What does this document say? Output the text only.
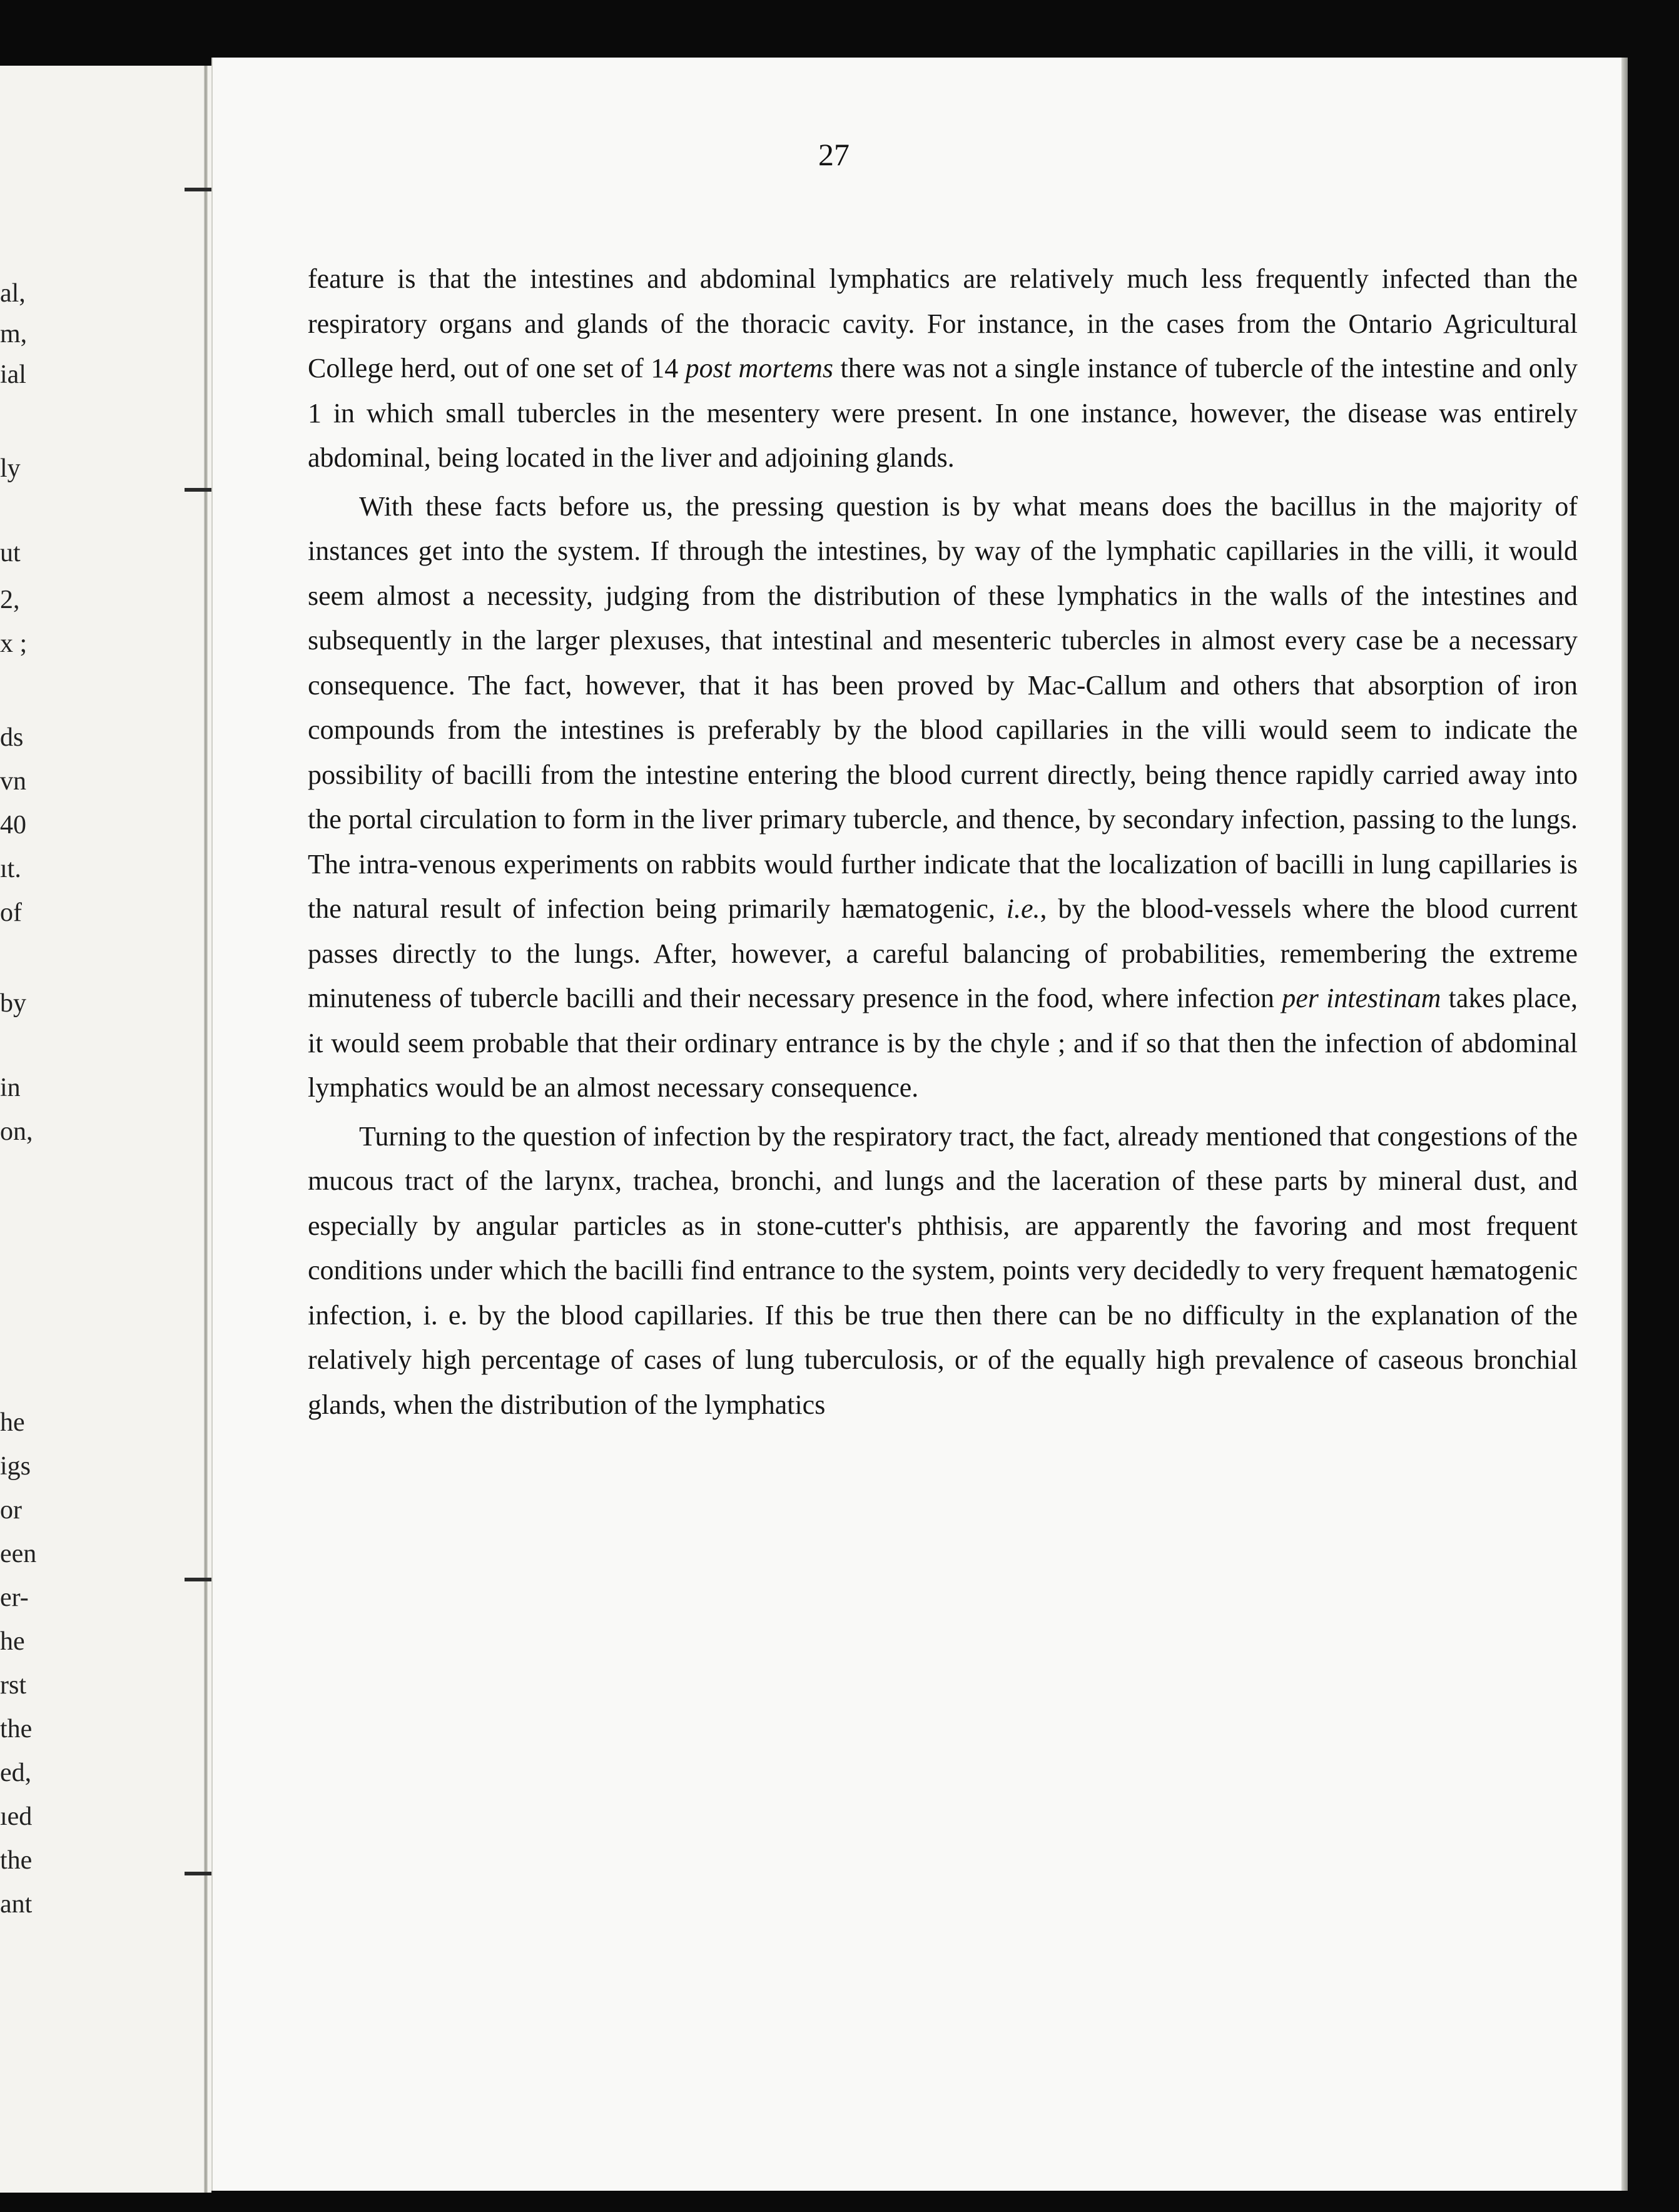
al,
m,
ial
ly
ut
2,
x ;
ds
vn
40
ıt.
of
by
in
on,
he
igs
or
een
er-
he
rst
the
ed,
ıed
the
ant
27

feature is that the intestines and abdominal lymphatics are relatively much less frequently infected than the respiratory organs and glands of the thoracic cavity. For instance, in the cases from the Ontario Agricultural College herd, out of one set of 14 post mortems there was not a single instance of tubercle of the intestine and only 1 in which small tubercles in the mesentery were present. In one instance, however, the disease was entirely abdominal, being located in the liver and adjoining glands.

With these facts before us, the pressing question is by what means does the bacillus in the majority of instances get into the system. If through the intestines, by way of the lymphatic capillaries in the villi, it would seem almost a necessity, judging from the distribution of these lymphatics in the walls of the intestines and subsequently in the larger plexuses, that intestinal and mesenteric tubercles in almost every case be a necessary consequence. The fact, however, that it has been proved by Mac-Callum and others that absorption of iron compounds from the intestines is preferably by the blood capillaries in the villi would seem to indicate the possibility of bacilli from the intestine entering the blood current directly, being thence rapidly carried away into the portal circulation to form in the liver primary tubercle, and thence, by secondary infection, passing to the lungs. The intra-venous experiments on rabbits would further indicate that the localization of bacilli in lung capillaries is the natural result of infection being primarily hæmatogenic, i.e., by the blood-vessels where the blood current passes directly to the lungs. After, however, a careful balancing of probabilities, remembering the extreme minuteness of tubercle bacilli and their necessary presence in the food, where infection per intestinam takes place, it would seem probable that their ordinary entrance is by the chyle ; and if so that then the infection of abdominal lymphatics would be an almost necessary consequence.

Turning to the question of infection by the respiratory tract, the fact, already mentioned that congestions of the mucous tract of the larynx, trachea, bronchi, and lungs and the laceration of these parts by mineral dust, and especially by angular particles as in stone-cutter's phthisis, are apparently the favoring and most frequent conditions under which the bacilli find entrance to the system, points very decidedly to very frequent hæmatogenic infection, i. e. by the blood capillaries. If this be true then there can be no difficulty in the explanation of the relatively high percentage of cases of lung tuberculosis, or of the equally high prevalence of caseous bronchial glands, when the distribution of the lymphatics
